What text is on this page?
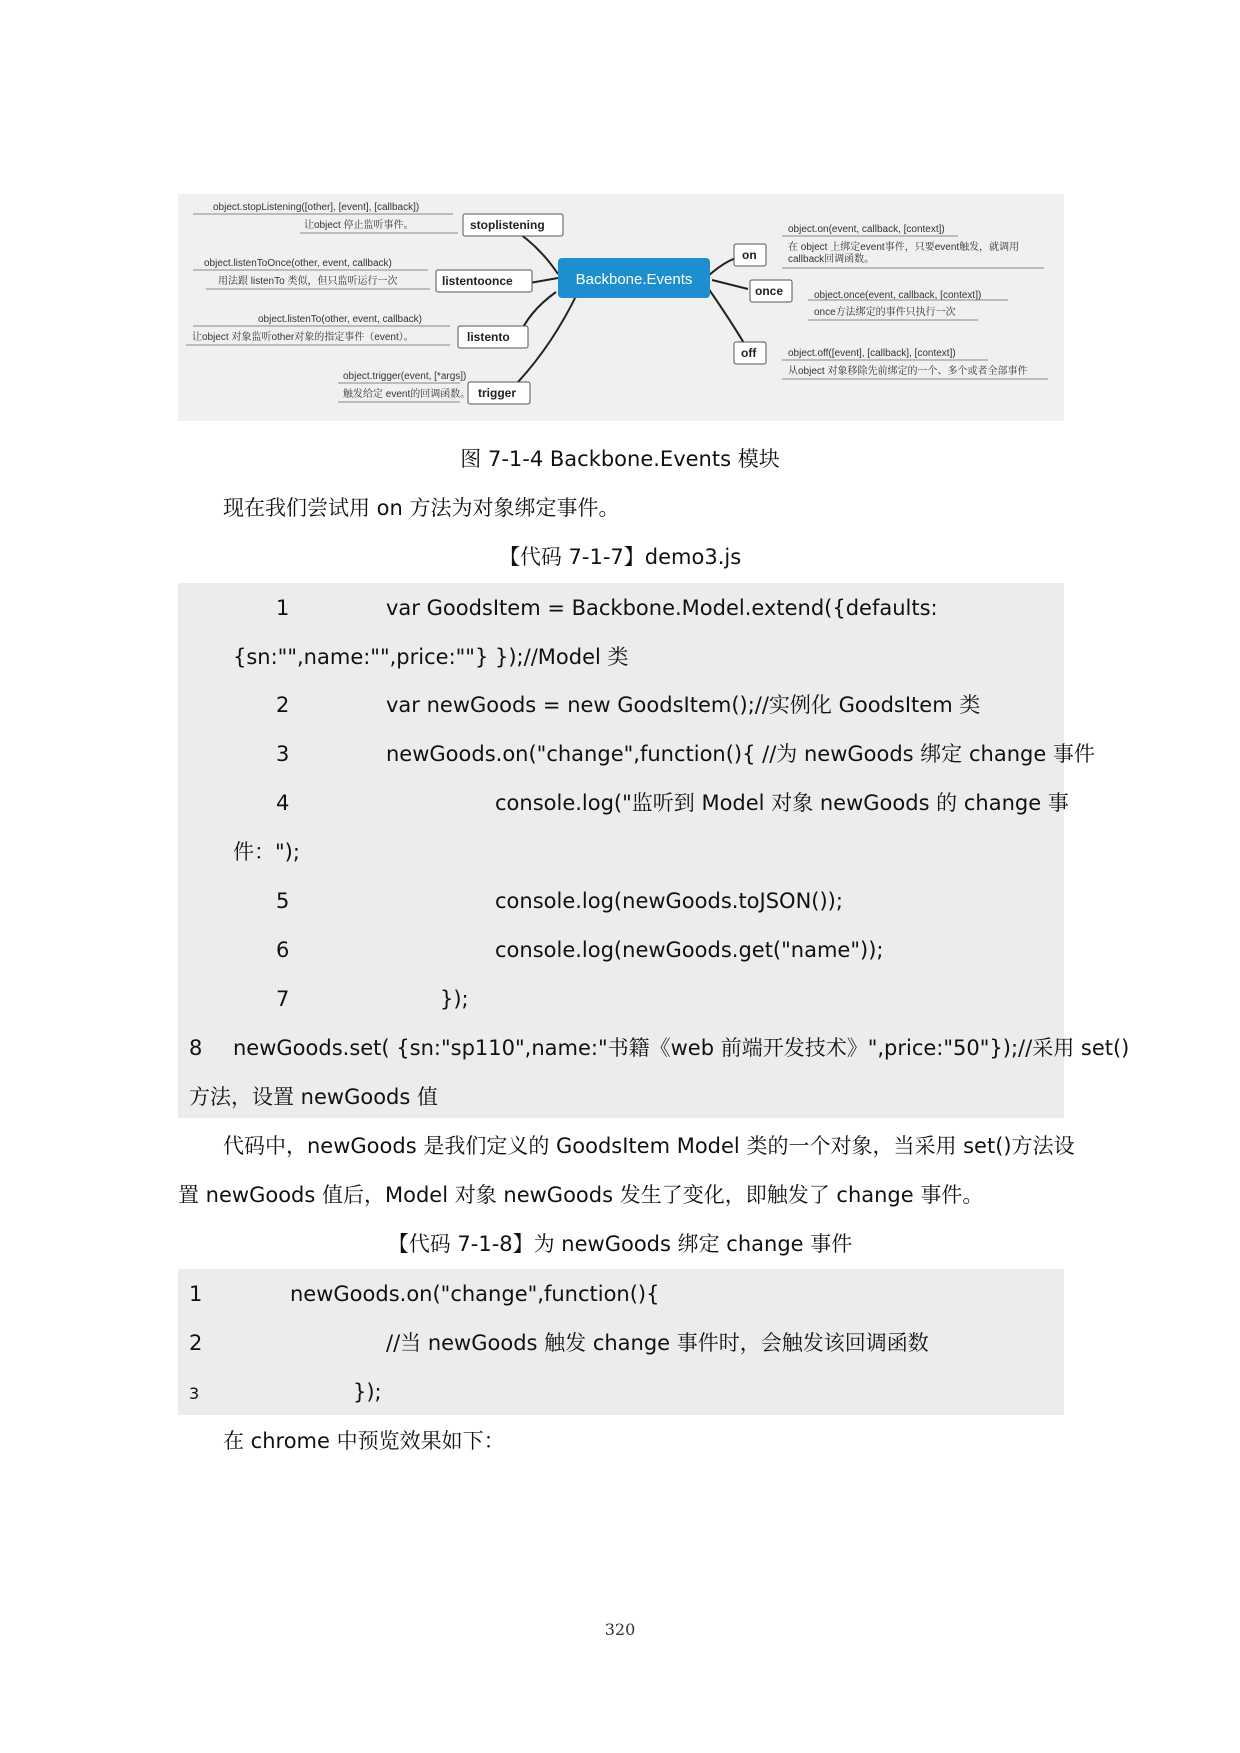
Backbone.Events
stoplistening
object.stopListening([other], [event], [callback])
让object 停止监听事件。
listentoonce
object.listenToOnce(other, event, callback)
用法跟 listenTo 类似，但只监听运行一次
listento
object.listenTo(other, event, callback)
让object 对象监听other对象的指定事件（event）。
trigger
object.trigger(event, [*args])
触发给定 event的回调函数。
on
object.on(event, callback, [context])
在 object 上绑定event事件，只要event触发，就调用
callback回调函数。
once	object.once(event, callback, [context])
once方法绑定的事件只执行一次
off	object.off([event], [callback], [context])
从object 对象移除先前绑定的一个、多个或者全部事件
图 7-1-4 Backbone.Events 模块
现在我们尝试用 on 方法为对象绑定事件。
【代码 7-1-7】demo3.js
1	var GoodsItem = Backbone.Model.extend({defaults:
{sn:"",name:"",price:""} });//Model 类
2	var newGoods = new GoodsItem();//实例化 GoodsItem 类
3	newGoods.on("change",function(){ //为 newGoods 绑定 change 事件
4	console.log("监听到 Model 对象 newGoods 的 change 事
件：");
5	console.log(newGoods.toJSON());
6	console.log(newGoods.get("name"));
7	});
8 newGoods.set( {sn:"sp110",name:"书籍《web 前端开发技术》",price:"50"});//采用 set()
方法，设置 newGoods 值
代码中，newGoods 是我们定义的 GoodsItem Model 类的一个对象，当采用 set()方法设
置 newGoods 值后，Model 对象 newGoods 发生了变化，即触发了 change 事件。
【代码 7-1-8】为 newGoods 绑定 change 事件
1	newGoods.on("change",function(){
2	//当 newGoods 触发 change 事件时，会触发该回调函数
3	});
在 chrome 中预览效果如下：
320
